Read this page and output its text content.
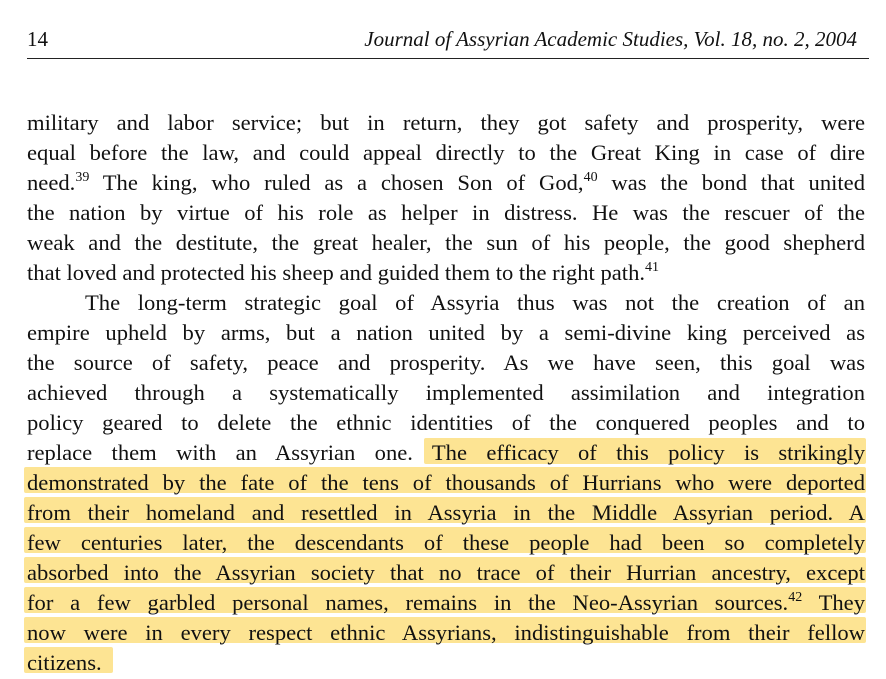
14	Journal of Assyrian Academic Studies, Vol. 18, no. 2, 2004
military and labor service; but in return, they got safety and prosperity, were
equal before the law, and could appeal directly to the Great King in case of dire
need.$^{39}$ The king, who ruled as a chosen Son of God,$^{40}$ was the bond that united
the nation by virtue of his role as helper in distress. He was the rescuer of the
weak and the destitute, the great healer, the sun of his people, the good shepherd
that loved and protected his sheep and guided them to the right path.$^{41}$
The long-term strategic goal of Assyria thus was not the creation of an
empire upheld by arms, but a nation united by a semi-divine king perceived as
the source of safety, peace and prosperity. As we have seen, this goal was
achieved through a systematically implemented assimilation and integration
policy geared to delete the ethnic identities of the conquered peoples and to
replace them with an Assyrian one. The efficacy of this policy is strikingly
demonstrated by the fate of the tens of thousands of Hurrians who were deported
from their homeland and resettled in Assyria in the Middle Assyrian period. A
few centuries later, the descendants of these people had been so completely
absorbed into the Assyrian society that no trace of their Hurrian ancestry, except
for a few garbled personal names, remains in the Neo-Assyrian sources.$^{42}$ They
now were in every respect ethnic Assyrians, indistinguishable from their fellow
citizens.
